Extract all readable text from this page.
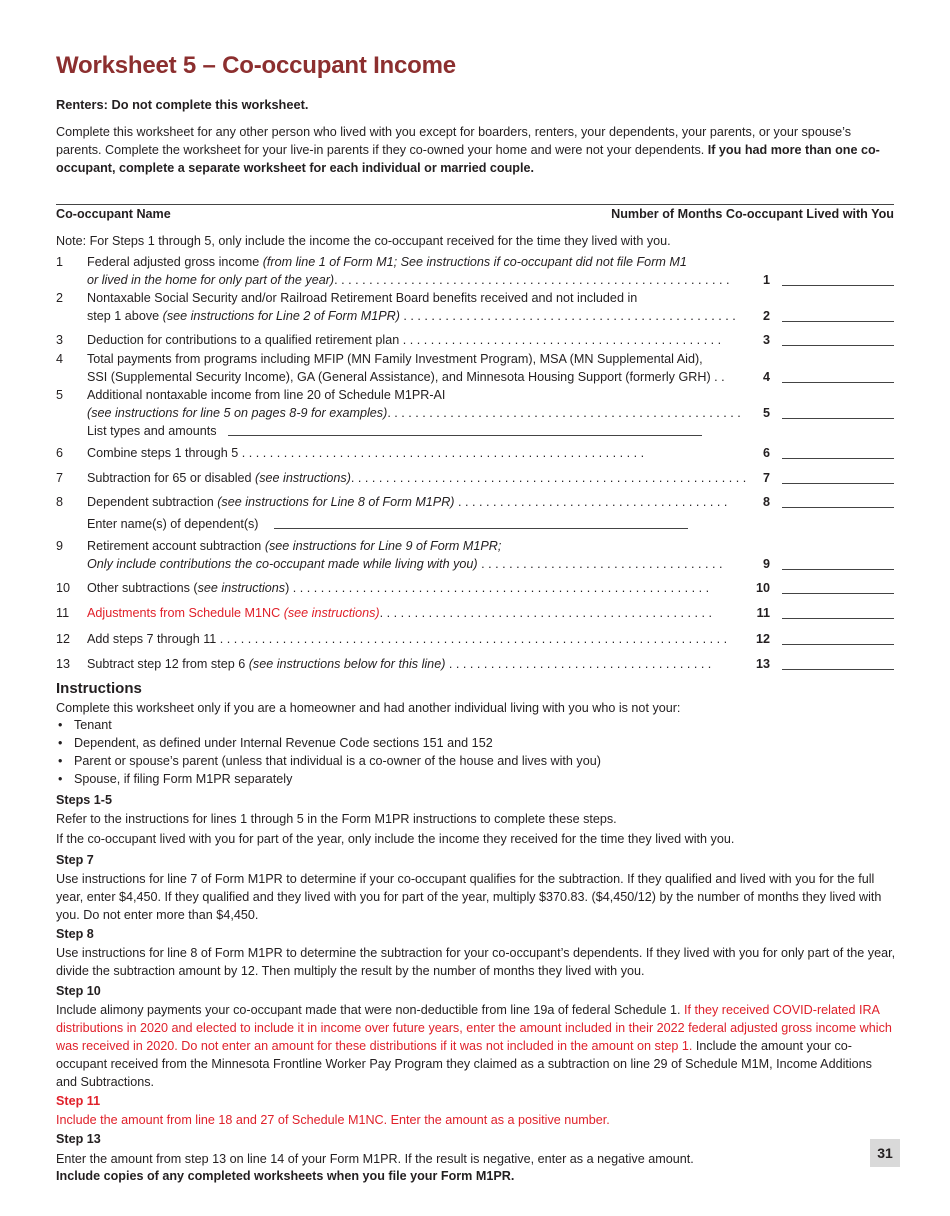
Worksheet 5 – Co-occupant Income
Renters: Do not complete this worksheet.
Complete this worksheet for any other person who lived with you except for boarders, renters, your dependents, your parents, or your spouse’s parents. Complete the worksheet for your live-in parents if they co-owned your home and were not your dependents. If you had more than one co-occupant, complete a separate worksheet for each individual or married couple.
Co-occupant Name	Number of Months Co-occupant Lived with You
Note: For Steps 1 through 5, only include the income the co-occupant received for the time they lived with you.
1	Federal adjusted gross income (from line 1 of Form M1; See instructions if co-occupant did not file Form M1
or lived in the home for only part of the year). . . . . . . . . . . . . . . . . . . . . . . . . . . . . . . . . . . . . . . . . . . . . . . . . . . . . . . . .	1
2	Nontaxable Social Security and/or Railroad Retirement Board benefits received and not included in
step 1 above (see instructions for Line 2 of Form M1PR) . . . . . . . . . . . . . . . . . . . . . . . . . . . . . . . . . . . . . . . . . . . . . . . .	2
3	Deduction for contributions to a qualified retirement plan . . . . . . . . . . . . . . . . . . . . . . . . . . . . . . . . . . . . . . . . . . . . . .	3
4	Total payments from programs including MFIP (MN Family Investment Program), MSA (MN Supplemental Aid),
SSI (Supplemental Security Income), GA (General Assistance), and Minnesota Housing Support (formerly GRH) . .	4
5	Additional nontaxable income from line 20 of Schedule M1PR-AI
(see instructions for line 5 on pages 8-9 for examples). . . . . . . . . . . . . . . . . . . . . . . . . . . . . . . . . . . . . . . . . . . . . . . . . . .	5
List types and amounts
6	Combine steps 1 through 5 . . . . . . . . . . . . . . . . . . . . . . . . . . . . . . . . . . . . . . . . . . . . . . . . . . . . . . . . . .	6
7	Subtraction for 65 or disabled (see instructions). . . . . . . . . . . . . . . . . . . . . . . . . . . . . . . . . . . . . . . . . . . . . . . . . . . . . . . . .	7
8	Dependent subtraction (see instructions for Line 8 of Form M1PR) . . . . . . . . . . . . . . . . . . . . . . . . . . . . . . . . . . . . . . .	8
Enter name(s) of dependent(s)
9	Retirement account subtraction (see instructions for Line 9 of Form M1PR;
Only include contributions the co-occupant made while living with you) . . . . . . . . . . . . . . . . . . . . . . . . . . . . . . . . . . .	9
10	Other subtractions (see instructions) . . . . . . . . . . . . . . . . . . . . . . . . . . . . . . . . . . . . . . . . . . . . . . . . . . . . . . . . . . . .	10
11	Adjustments from Schedule M1NC (see instructions). . . . . . . . . . . . . . . . . . . . . . . . . . . . . . . . . . . . . . . . . . . . . . . .	11
12	Add steps 7 through 11 . . . . . . . . . . . . . . . . . . . . . . . . . . . . . . . . . . . . . . . . . . . . . . . . . . . . . . . . . . . . . . . . . . . . . . . . .	12
13	Subtract step 12 from step 6 (see instructions below for this line) . . . . . . . . . . . . . . . . . . . . . . . . . . . . . . . . . . . . . .	13
Instructions
Complete this worksheet only if you are a homeowner and had another individual living with you who is not your:
• Tenant
• Dependent, as defined under Internal Revenue Code sections 151 and 152
• Parent or spouse’s parent (unless that individual is a co-owner of the house and lives with you)
• Spouse, if filing Form M1PR separately
Steps 1-5
Refer to the instructions for lines 1 through 5 in the Form M1PR instructions to complete these steps.
If the co-occupant lived with you for part of the year, only include the income they received for the time they lived with you.
Step 7
Use instructions for line 7 of Form M1PR to determine if your co-occupant qualifies for the subtraction. If they qualified and lived with you for the full year, enter $4,450. If they qualified and they lived with you for part of the year, multiply $370.83. ($4,450/12) by the number of months they lived with you. Do not enter more than $4,450.
Step 8
Use instructions for line 8 of Form M1PR to determine the subtraction for your co-occupant’s dependents. If they lived with you for only part of the year, divide the subtraction amount by 12. Then multiply the result by the number of months they lived with you.
Step 10
Include alimony payments your co-occupant made that were non-deductible from line 19a of federal Schedule 1. If they received COVID-related IRA distributions in 2020 and elected to include it in income over future years, enter the amount included in their 2022 federal adjusted gross income which was received in 2020. Do not enter an amount for these distributions if it was not included in the amount on step 1. Include the amount your co-occupant received from the Minnesota Frontline Worker Pay Program they claimed as a subtraction on line 29 of Schedule M1M, Income Additions and Subtractions.
Step 11
Include the amount from line 18 and 27 of Schedule M1NC. Enter the amount as a positive number.
Step 13
Enter the amount from step 13 on line 14 of your Form M1PR. If the result is negative, enter as a negative amount.
Include copies of any completed worksheets when you file your Form M1PR.
31
